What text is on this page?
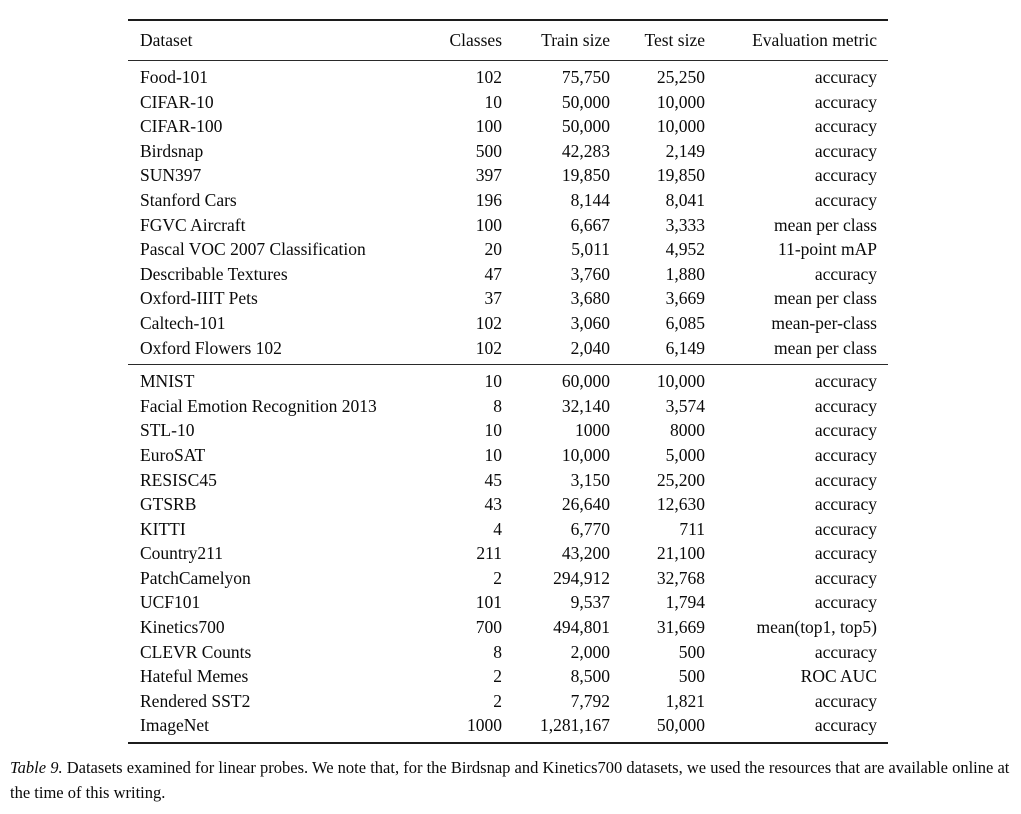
Dataset	Classes	Train size	Test size	Evaluation metric
Food-101	102	75,750	25,250	accuracy
CIFAR-10	10	50,000	10,000	accuracy
CIFAR-100	100	50,000	10,000	accuracy
Birdsnap	500	42,283	2,149	accuracy
SUN397	397	19,850	19,850	accuracy
Stanford Cars	196	8,144	8,041	accuracy
FGVC Aircraft	100	6,667	3,333	mean per class
Pascal VOC 2007 Classification	20	5,011	4,952	11-point mAP
Describable Textures	47	3,760	1,880	accuracy
Oxford-IIIT Pets	37	3,680	3,669	mean per class
Caltech-101	102	3,060	6,085	mean-per-class
Oxford Flowers 102	102	2,040	6,149	mean per class
MNIST	10	60,000	10,000	accuracy
Facial Emotion Recognition 2013	8	32,140	3,574	accuracy
STL-10	10	1000	8000	accuracy
EuroSAT	10	10,000	5,000	accuracy
RESISC45	45	3,150	25,200	accuracy
GTSRB	43	26,640	12,630	accuracy
KITTI	4	6,770	711	accuracy
Country211	211	43,200	21,100	accuracy
PatchCamelyon	2	294,912	32,768	accuracy
UCF101	101	9,537	1,794	accuracy
Kinetics700	700	494,801	31,669	mean(top1, top5)
CLEVR Counts	8	2,000	500	accuracy
Hateful Memes	2	8,500	500	ROC AUC
Rendered SST2	2	7,792	1,821	accuracy
ImageNet	1000	1,281,167	50,000	accuracy

Table 9. Datasets examined for linear probes. We note that, for the Birdsnap and Kinetics700 datasets, we used the resources that are available online at the time of this writing.
